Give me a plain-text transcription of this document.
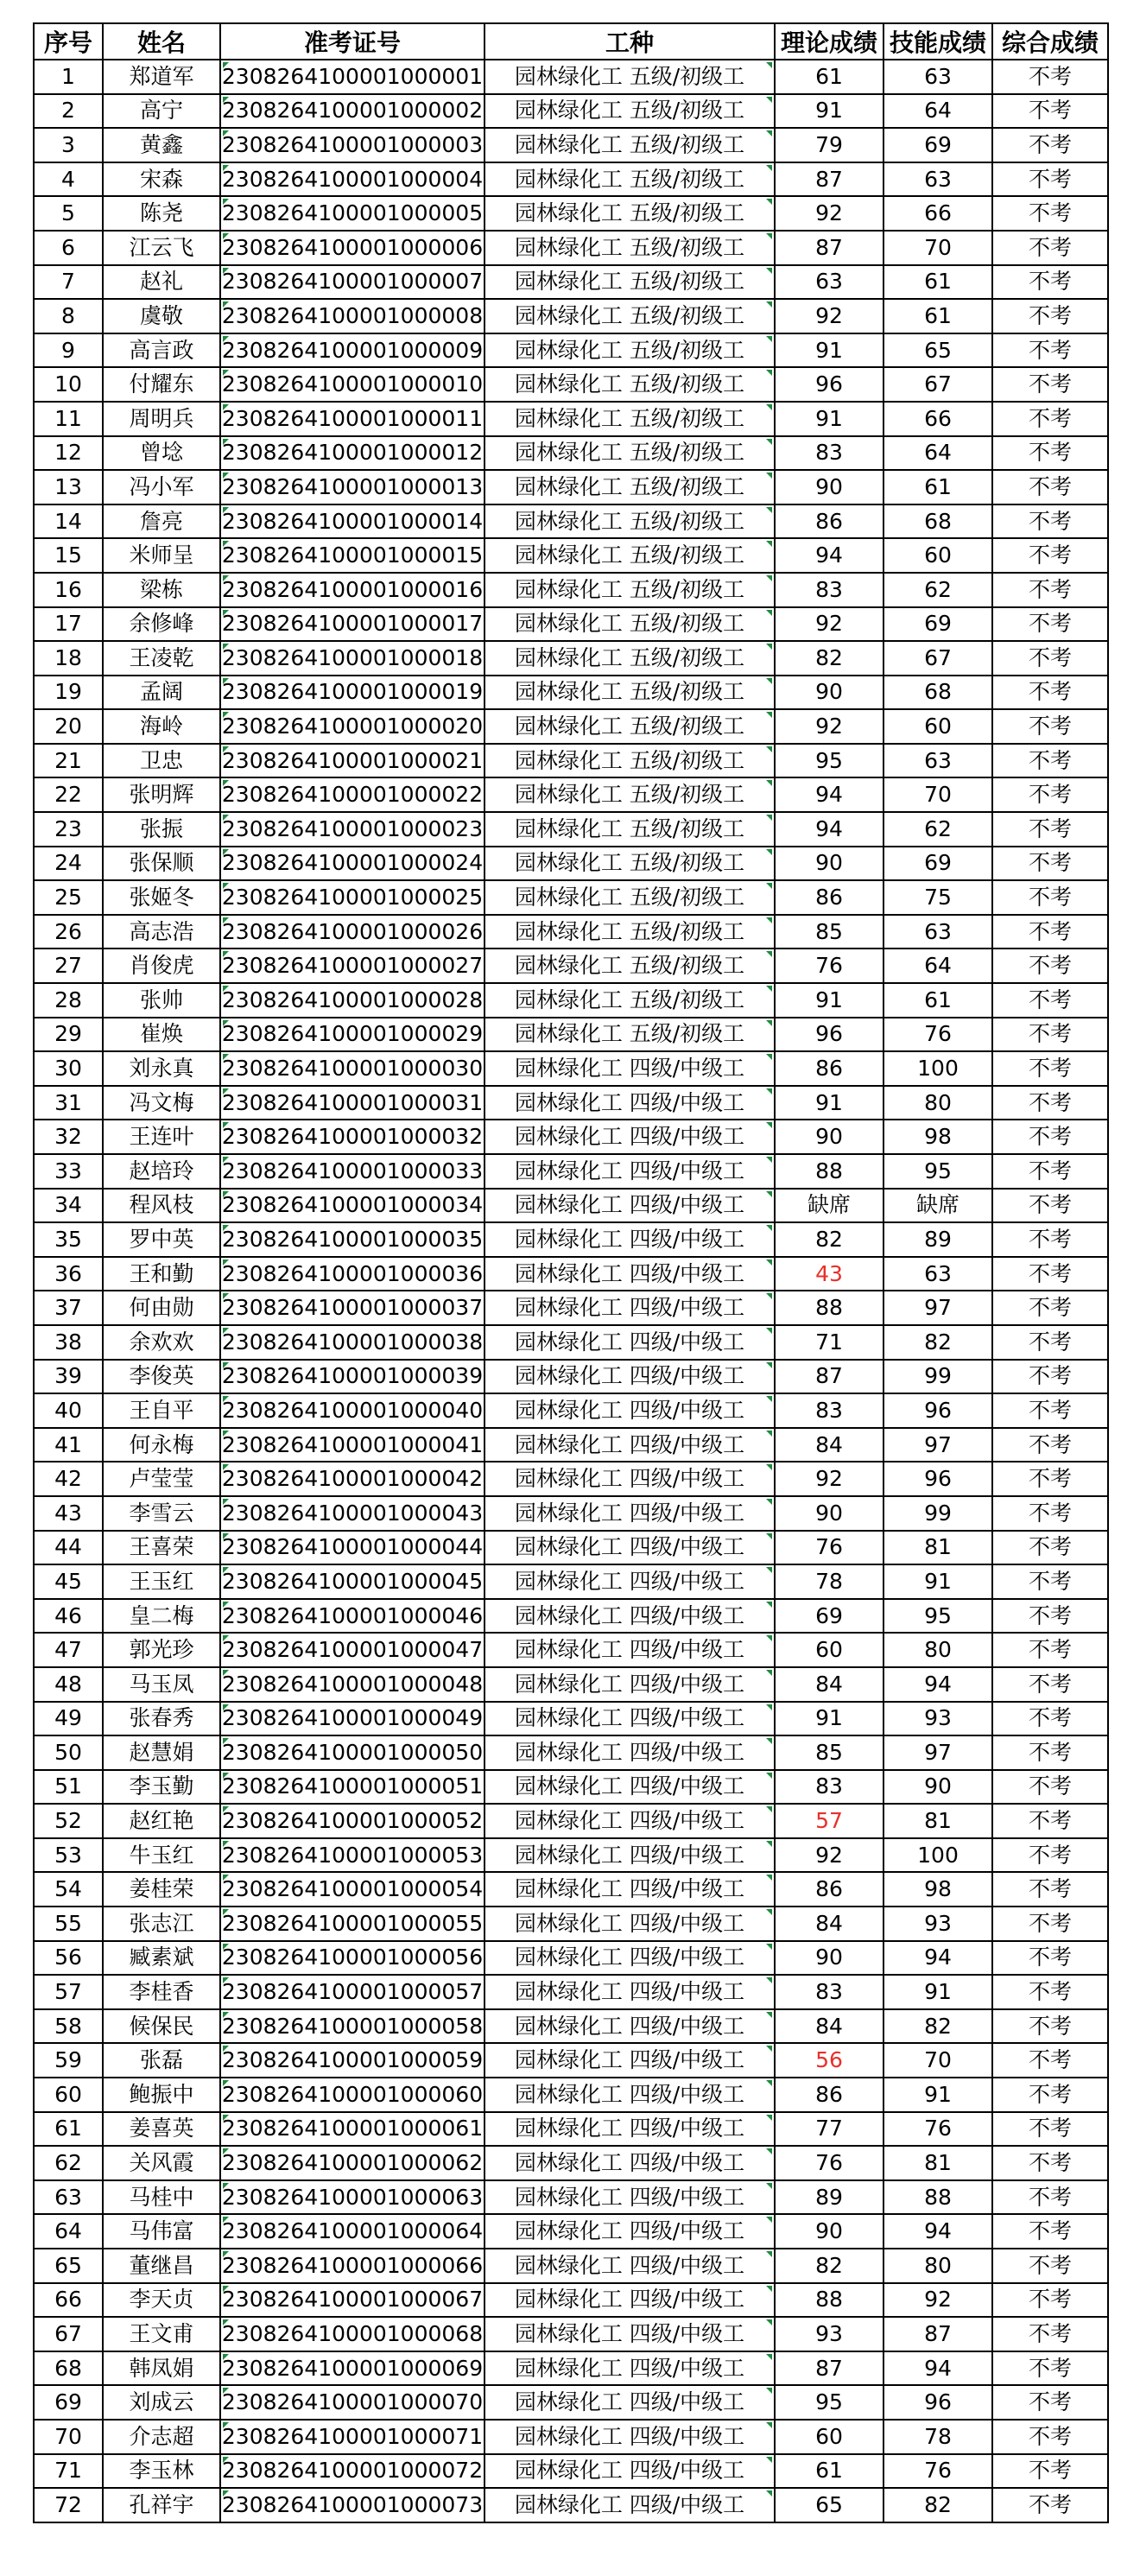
序号	姓名	准考证号	工种	理论成绩	技能成绩	综合成绩
1	郑道军	2308264100001000001	园林绿化工 五级/初级工	61	63	不考
2	高宁	2308264100001000002	园林绿化工 五级/初级工	91	64	不考
3	黄鑫	2308264100001000003	园林绿化工 五级/初级工	79	69	不考
4	宋森	2308264100001000004	园林绿化工 五级/初级工	87	63	不考
5	陈尧	2308264100001000005	园林绿化工 五级/初级工	92	66	不考
6	江云飞	2308264100001000006	园林绿化工 五级/初级工	87	70	不考
7	赵礼	2308264100001000007	园林绿化工 五级/初级工	63	61	不考
8	虞敬	2308264100001000008	园林绿化工 五级/初级工	92	61	不考
9	高言政	2308264100001000009	园林绿化工 五级/初级工	91	65	不考
10	付耀东	2308264100001000010	园林绿化工 五级/初级工	96	67	不考
11	周明兵	2308264100001000011	园林绿化工 五级/初级工	91	66	不考
12	曾埝	2308264100001000012	园林绿化工 五级/初级工	83	64	不考
13	冯小军	2308264100001000013	园林绿化工 五级/初级工	90	61	不考
14	詹亮	2308264100001000014	园林绿化工 五级/初级工	86	68	不考
15	米师呈	2308264100001000015	园林绿化工 五级/初级工	94	60	不考
16	梁栋	2308264100001000016	园林绿化工 五级/初级工	83	62	不考
17	余修峰	2308264100001000017	园林绿化工 五级/初级工	92	69	不考
18	王凌乾	2308264100001000018	园林绿化工 五级/初级工	82	67	不考
19	孟阔	2308264100001000019	园林绿化工 五级/初级工	90	68	不考
20	海岭	2308264100001000020	园林绿化工 五级/初级工	92	60	不考
21	卫忠	2308264100001000021	园林绿化工 五级/初级工	95	63	不考
22	张明辉	2308264100001000022	园林绿化工 五级/初级工	94	70	不考
23	张振	2308264100001000023	园林绿化工 五级/初级工	94	62	不考
24	张保顺	2308264100001000024	园林绿化工 五级/初级工	90	69	不考
25	张姬冬	2308264100001000025	园林绿化工 五级/初级工	86	75	不考
26	高志浩	2308264100001000026	园林绿化工 五级/初级工	85	63	不考
27	肖俊虎	2308264100001000027	园林绿化工 五级/初级工	76	64	不考
28	张帅	2308264100001000028	园林绿化工 五级/初级工	91	61	不考
29	崔焕	2308264100001000029	园林绿化工 五级/初级工	96	76	不考
30	刘永真	2308264100001000030	园林绿化工 四级/中级工	86	100	不考
31	冯文梅	2308264100001000031	园林绿化工 四级/中级工	91	80	不考
32	王连叶	2308264100001000032	园林绿化工 四级/中级工	90	98	不考
33	赵培玲	2308264100001000033	园林绿化工 四级/中级工	88	95	不考
34	程风枝	2308264100001000034	园林绿化工 四级/中级工	缺席	缺席	不考
35	罗中英	2308264100001000035	园林绿化工 四级/中级工	82	89	不考
36	王和勤	2308264100001000036	园林绿化工 四级/中级工	43	63	不考
37	何由勋	2308264100001000037	园林绿化工 四级/中级工	88	97	不考
38	余欢欢	2308264100001000038	园林绿化工 四级/中级工	71	82	不考
39	李俊英	2308264100001000039	园林绿化工 四级/中级工	87	99	不考
40	王自平	2308264100001000040	园林绿化工 四级/中级工	83	96	不考
41	何永梅	2308264100001000041	园林绿化工 四级/中级工	84	97	不考
42	卢莹莹	2308264100001000042	园林绿化工 四级/中级工	92	96	不考
43	李雪云	2308264100001000043	园林绿化工 四级/中级工	90	99	不考
44	王喜荣	2308264100001000044	园林绿化工 四级/中级工	76	81	不考
45	王玉红	2308264100001000045	园林绿化工 四级/中级工	78	91	不考
46	皇二梅	2308264100001000046	园林绿化工 四级/中级工	69	95	不考
47	郭光珍	2308264100001000047	园林绿化工 四级/中级工	60	80	不考
48	马玉凤	2308264100001000048	园林绿化工 四级/中级工	84	94	不考
49	张春秀	2308264100001000049	园林绿化工 四级/中级工	91	93	不考
50	赵慧娟	2308264100001000050	园林绿化工 四级/中级工	85	97	不考
51	李玉勤	2308264100001000051	园林绿化工 四级/中级工	83	90	不考
52	赵红艳	2308264100001000052	园林绿化工 四级/中级工	57	81	不考
53	牛玉红	2308264100001000053	园林绿化工 四级/中级工	92	100	不考
54	姜桂荣	2308264100001000054	园林绿化工 四级/中级工	86	98	不考
55	张志江	2308264100001000055	园林绿化工 四级/中级工	84	93	不考
56	臧素斌	2308264100001000056	园林绿化工 四级/中级工	90	94	不考
57	李桂香	2308264100001000057	园林绿化工 四级/中级工	83	91	不考
58	候保民	2308264100001000058	园林绿化工 四级/中级工	84	82	不考
59	张磊	2308264100001000059	园林绿化工 四级/中级工	56	70	不考
60	鲍振中	2308264100001000060	园林绿化工 四级/中级工	86	91	不考
61	姜喜英	2308264100001000061	园林绿化工 四级/中级工	77	76	不考
62	关风霞	2308264100001000062	园林绿化工 四级/中级工	76	81	不考
63	马桂中	2308264100001000063	园林绿化工 四级/中级工	89	88	不考
64	马伟富	2308264100001000064	园林绿化工 四级/中级工	90	94	不考
65	董继昌	2308264100001000066	园林绿化工 四级/中级工	82	80	不考
66	李天贞	2308264100001000067	园林绿化工 四级/中级工	88	92	不考
67	王文甫	2308264100001000068	园林绿化工 四级/中级工	93	87	不考
68	韩凤娟	2308264100001000069	园林绿化工 四级/中级工	87	94	不考
69	刘成云	2308264100001000070	园林绿化工 四级/中级工	95	96	不考
70	介志超	2308264100001000071	园林绿化工 四级/中级工	60	78	不考
71	李玉林	2308264100001000072	园林绿化工 四级/中级工	61	76	不考
72	孔祥宇	2308264100001000073	园林绿化工 四级/中级工	65	82	不考
